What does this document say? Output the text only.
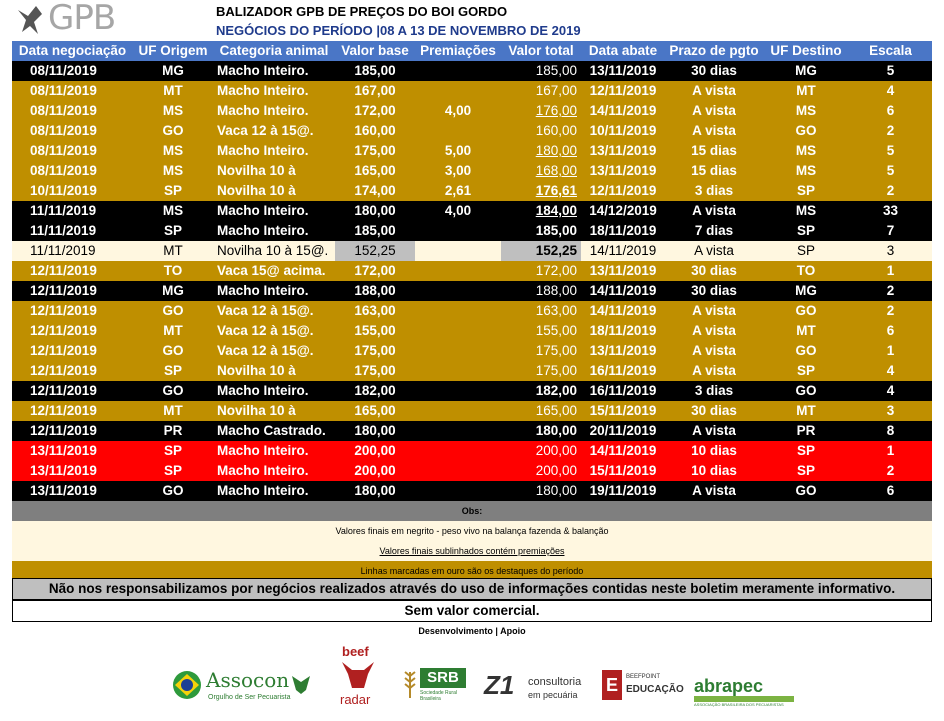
GPB	BALIZADOR GPB DE PREÇOS DO BOI GORDO
NEGÓCIOS DO PERÍODO |08 A 13 DE NOVEMBRO DE 2019
Data negociação	UF Origem	Categoria animal	Valor base	Premiações	Valor total	Data abate	Prazo de pgto	UF Destino	Escala
08/11/2019	MG	Macho Inteiro.	185,00		185,00	13/11/2019	30 dias	MG	5
08/11/2019	MT	Macho Inteiro.	167,00		167,00	12/11/2019	A vista	MT	4
08/11/2019	MS	Macho Inteiro.	172,00	4,00	176,00	14/11/2019	A vista	MS	6
08/11/2019	GO	Vaca 12 à 15@.	160,00		160,00	10/11/2019	A vista	GO	2
08/11/2019	MS	Macho Inteiro.	175,00	5,00	180,00	13/11/2019	15 dias	MS	5
08/11/2019	MS	Novilha 10 à	165,00	3,00	168,00	13/11/2019	15 dias	MS	5
10/11/2019	SP	Novilha 10 à	174,00	2,61	176,61	12/11/2019	3 dias	SP	2
11/11/2019	MS	Macho Inteiro.	180,00	4,00	184,00	14/12/2019	A vista	MS	33
11/11/2019	SP	Macho Inteiro.	185,00		185,00	18/11/2019	7 dias	SP	7
11/11/2019	MT	Novilha 10 à 15@.	152,25		152,25	14/11/2019	A vista	SP	3
12/11/2019	TO	Vaca 15@ acima.	172,00		172,00	13/11/2019	30 dias	TO	1
12/11/2019	MG	Macho Inteiro.	188,00		188,00	14/11/2019	30 dias	MG	2
12/11/2019	GO	Vaca 12 à 15@.	163,00		163,00	14/11/2019	A vista	GO	2
12/11/2019	MT	Vaca 12 à 15@.	155,00		155,00	18/11/2019	A vista	MT	6
12/11/2019	GO	Vaca 12 à 15@.	175,00		175,00	13/11/2019	A vista	GO	1
12/11/2019	SP	Novilha 10 à	175,00		175,00	16/11/2019	A vista	SP	4
12/11/2019	GO	Macho Inteiro.	182,00		182,00	16/11/2019	3 dias	GO	4
12/11/2019	MT	Novilha 10 à	165,00		165,00	15/11/2019	30 dias	MT	3
12/11/2019	PR	Macho Castrado.	180,00		180,00	20/11/2019	A vista	PR	8
13/11/2019	SP	Macho Inteiro.	200,00		200,00	14/11/2019	10 dias	SP	1
13/11/2019	SP	Macho Inteiro.	200,00		200,00	15/11/2019	10 dias	SP	2
13/11/2019	GO	Macho Inteiro.	180,00		180,00	19/11/2019	A vista	GO	6
Obs:
Valores finais em negrito - peso vivo na balança fazenda & balanção
Valores finais sublinhados contém premiações
Linhas marcadas em ouro são os destaques do período
Não nos responsabilizamos por negócios realizados através do uso de informações contidas neste boletim meramente informativo.
Sem valor comercial.
Desenvolvimento | Apoio
Assocon
Orgulho de Ser Pecuarista
beef
radar
SRB
Sociedade Rural Brasileira	Z1 consultoria
em pecuária E	BEEFPOINT
EDUCAÇÃO abrapec
ASSOCIAÇÃO BRASILEIRA DOS PECUARISTAS
